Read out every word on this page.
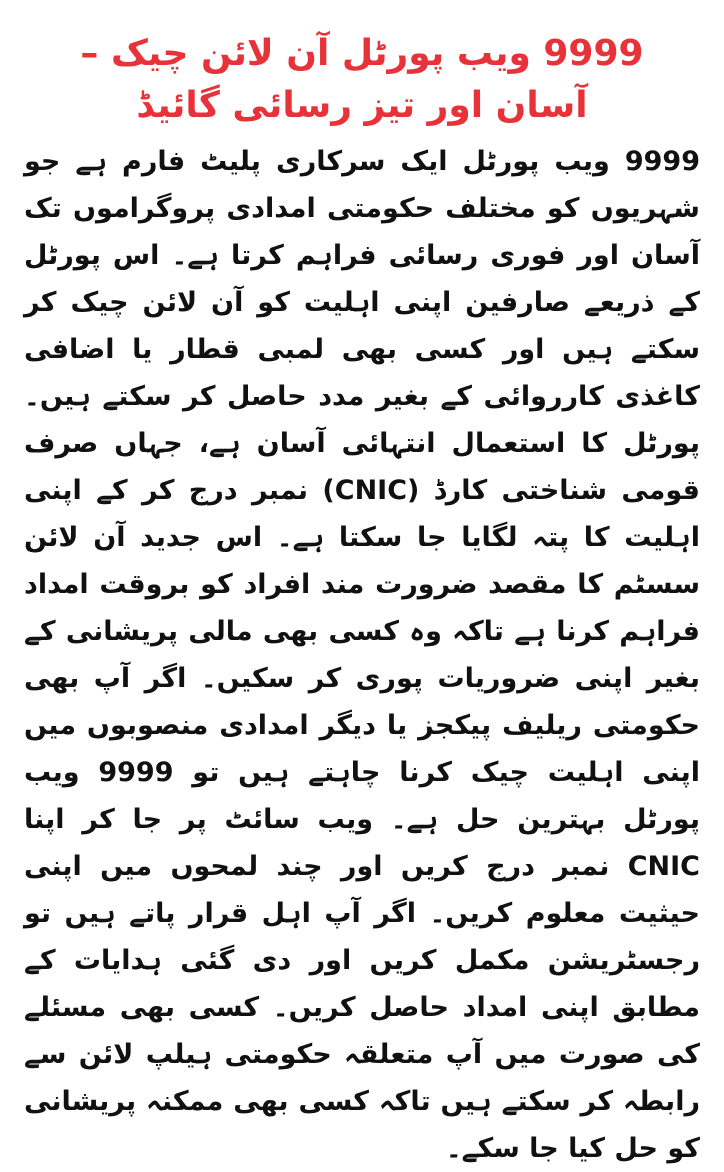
9999 ویب پورٹل آن لائن چیک – آسان اور تیز رسائی گائیڈ

9999 ویب پورٹل ایک سرکاری پلیٹ فارم ہے جو شہریوں کو مختلف حکومتی امدادی پروگراموں تک آسان اور فوری رسائی فراہم کرتا ہے۔ اس پورٹل کے ذریعے صارفین اپنی اہلیت کو آن لائن چیک کر سکتے ہیں اور کسی بھی لمبی قطار یا اضافی کاغذی کارروائی کے بغیر مدد حاصل کر سکتے ہیں۔ پورٹل کا استعمال انتہائی آسان ہے، جہاں صرف قومی شناختی کارڈ (CNIC) نمبر درج کر کے اپنی اہلیت کا پتہ لگایا جا سکتا ہے۔ اس جدید آن لائن سسٹم کا مقصد ضرورت مند افراد کو بروقت امداد فراہم کرنا ہے تاکہ وہ کسی بھی مالی پریشانی کے بغیر اپنی ضروریات پوری کر سکیں۔ اگر آپ بھی حکومتی ریلیف پیکجز یا دیگر امدادی منصوبوں میں اپنی اہلیت چیک کرنا چاہتے ہیں تو 9999 ویب پورٹل بہترین حل ہے۔ ویب سائٹ پر جا کر اپنا CNIC نمبر درج کریں اور چند لمحوں میں اپنی حیثیت معلوم کریں۔ اگر آپ اہل قرار پاتے ہیں تو رجسٹریشن مکمل کریں اور دی گئی ہدایات کے مطابق اپنی امداد حاصل کریں۔ کسی بھی مسئلے کی صورت میں آپ متعلقہ حکومتی ہیلپ لائن سے رابطہ کر سکتے ہیں تاکہ کسی بھی ممکنہ پریشانی کو حل کیا جا سکے۔
